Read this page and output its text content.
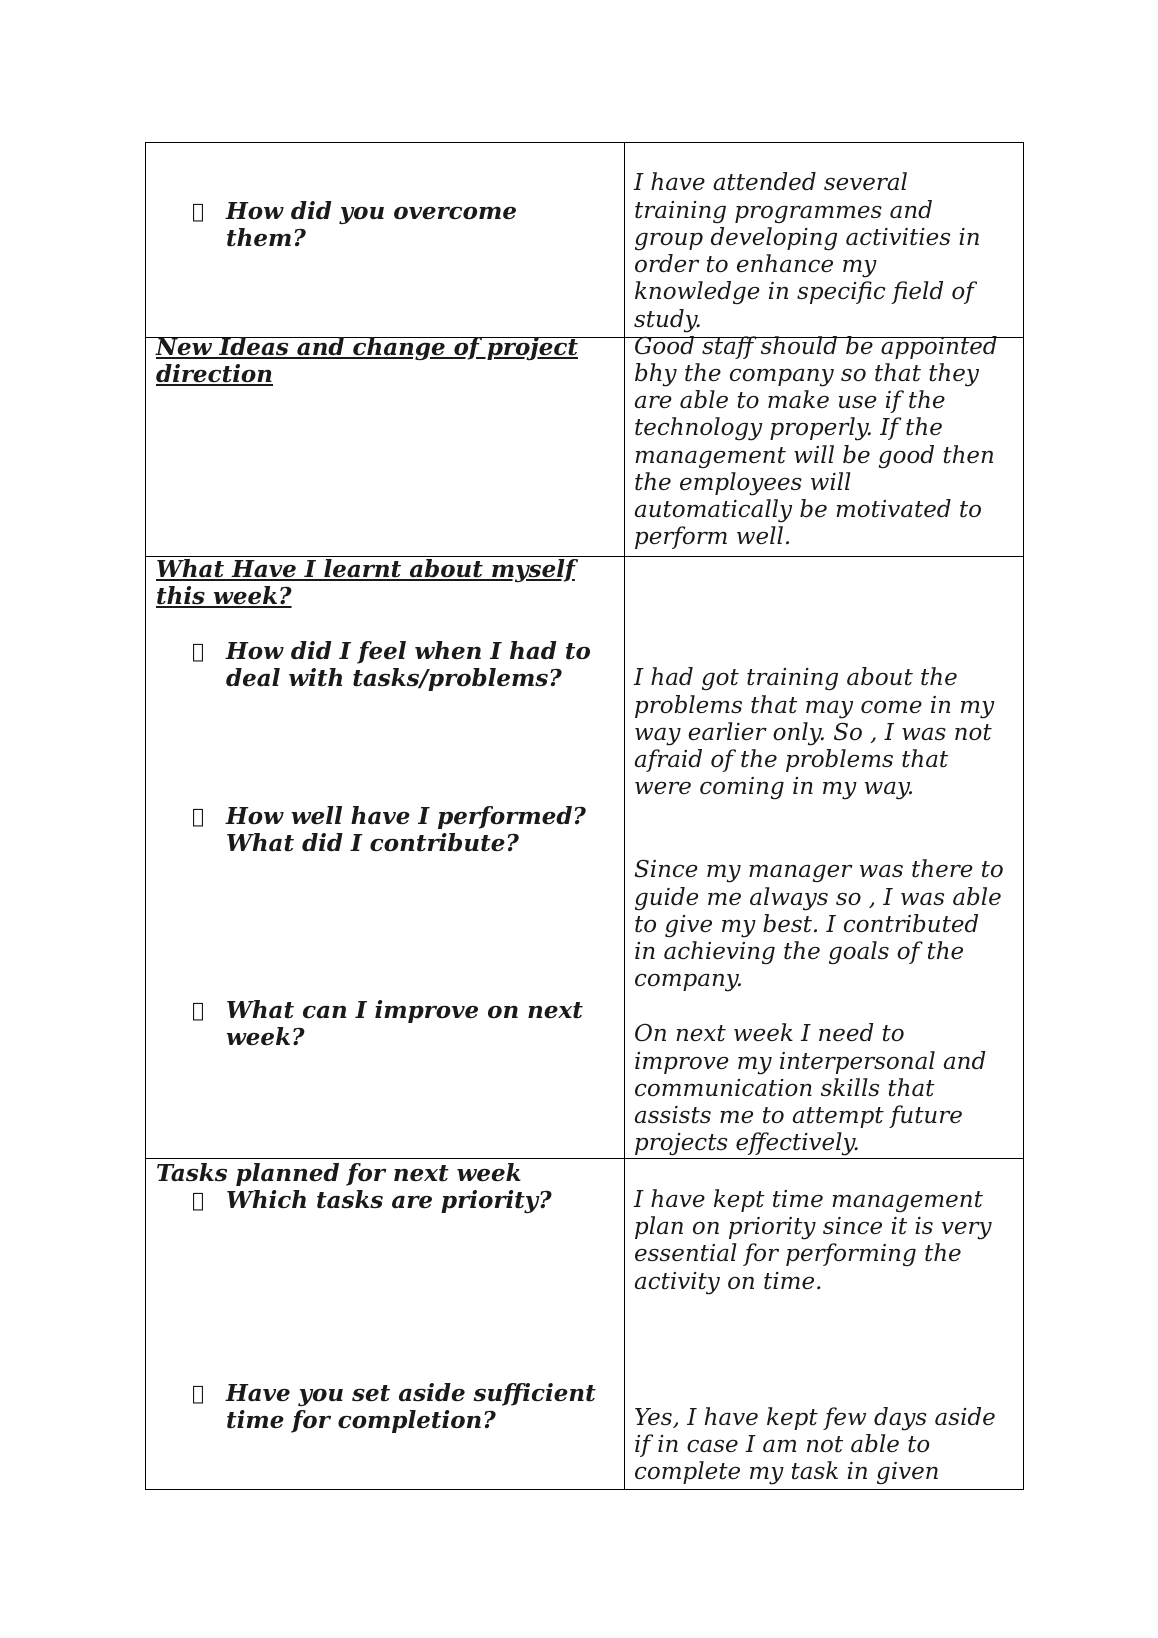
How did you overcome

them?

I have attended several

training programmes and

group developing activities in

order to enhance my

knowledge in specific field of

study.

New Ideas and change of project

direction

Good staff should be appointed

bhy the company so that they

are able to make use if the

technology properly. If the

management will be good then

the employees will

automatically be motivated to

perform well.

What Have I learnt about myself

this week?

How did I feel when I had to

deal with tasks/problems?

How well have I performed?

What did I contribute?

What can I improve on next

week?

I had got training about the

problems that may come in my

way earlier only. So , I was not

afraid of the problems that

were coming in my way.

Since my manager was there to

guide me always so , I was able

to give my best. I contributed

in achieving the goals of the

company.

On next week I need to

improve my interpersonal and

communication skills that

assists me to attempt future

projects effectively.

Tasks planned for next week

Which tasks are priority?

Have you set aside sufficient

time for completion?

I have kept time management

plan on priority since it is very

essential for performing the

activity on time.

Yes, I have kept few days aside

if in case I am not able to

complete my task in given
